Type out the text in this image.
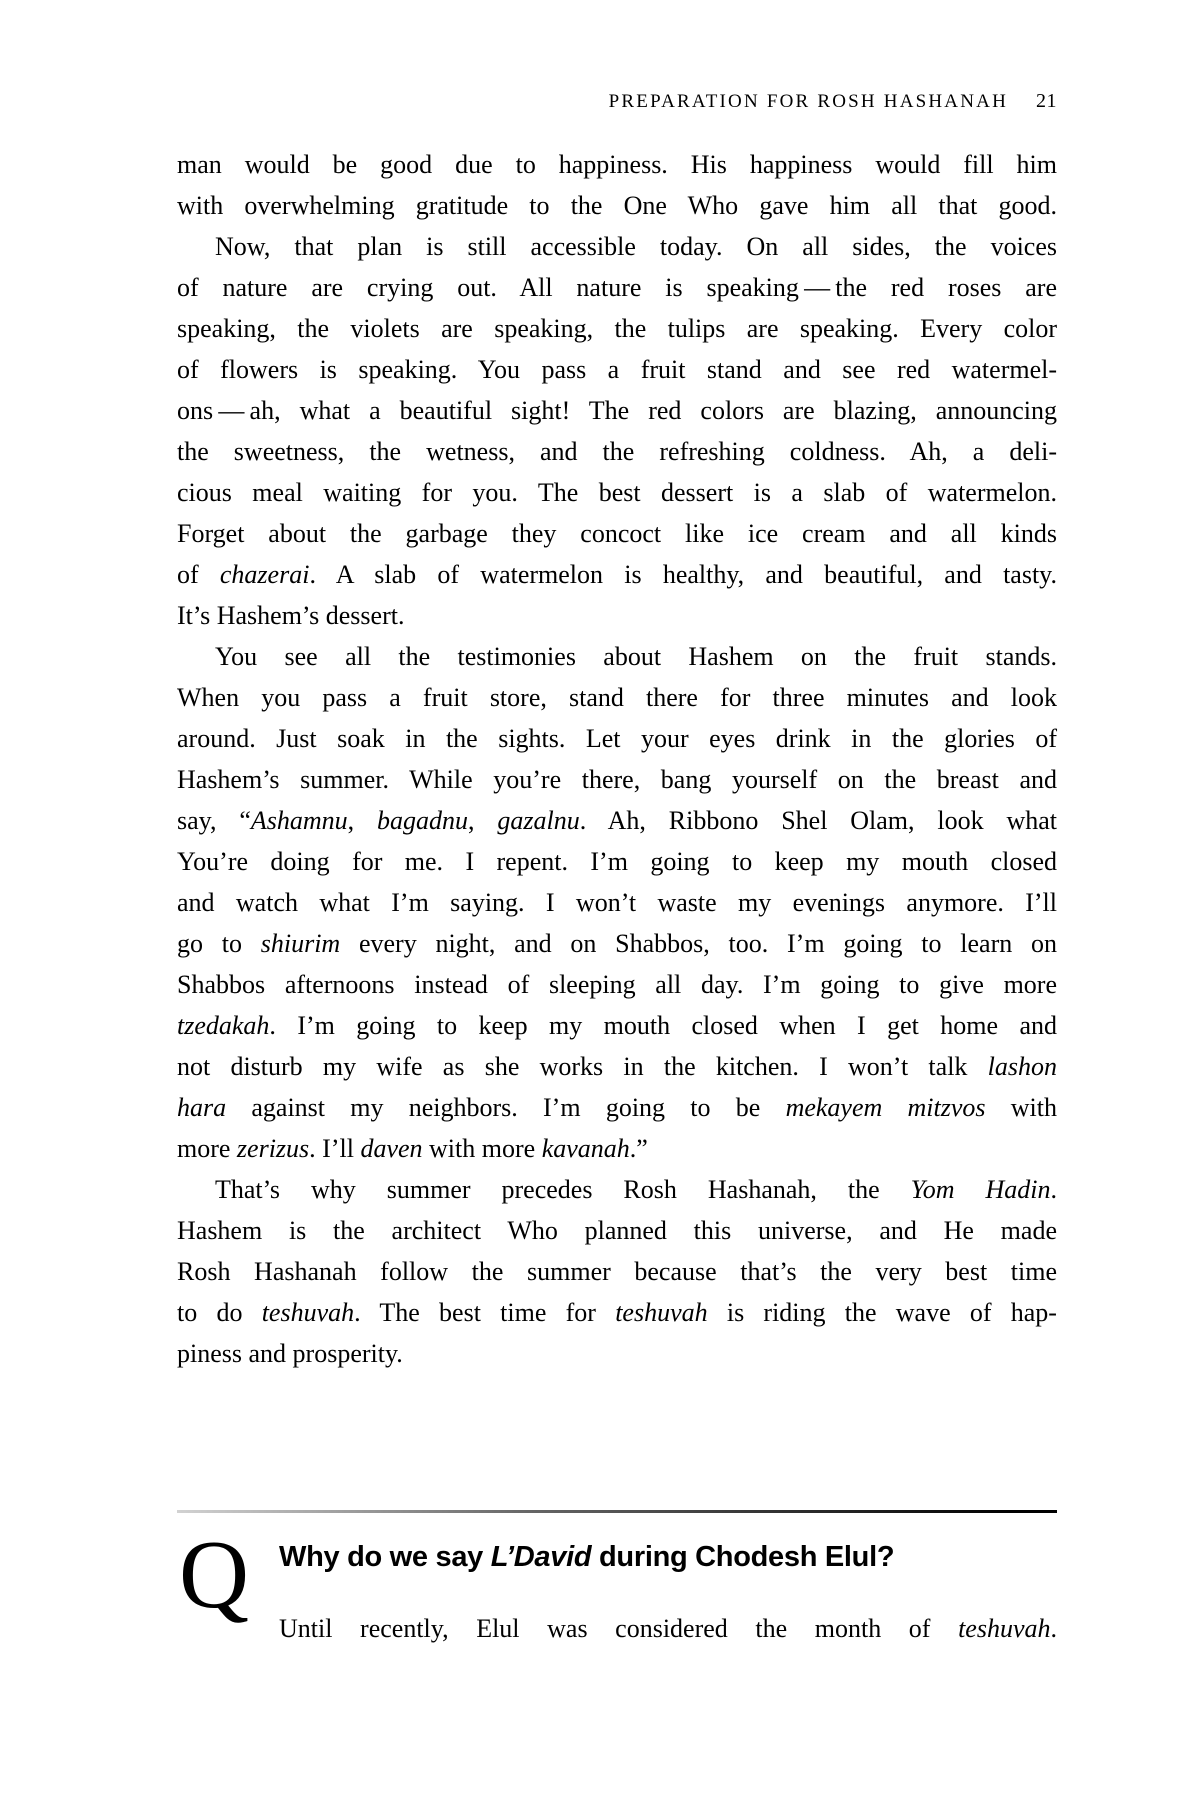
PREPARATION FOR ROSH HASHANAH 21

man would be good due to happiness. His happiness would fill him
with overwhelming gratitude to the One Who gave him all that good.

Now, that plan is still accessible today. On all sides, the voices
of nature are crying out. All nature is speaking — the red roses are
speaking, the violets are speaking, the tulips are speaking. Every color
of flowers is speaking. You pass a fruit stand and see red watermel-
ons — ah, what a beautiful sight! The red colors are blazing, announcing
the sweetness, the wetness, and the refreshing coldness. Ah, a deli-
cious meal waiting for you. The best dessert is a slab of watermelon.
Forget about the garbage they concoct like ice cream and all kinds
of chazerai. A slab of watermelon is healthy, and beautiful, and tasty.
It’s Hashem’s dessert.

You see all the testimonies about Hashem on the fruit stands.
When you pass a fruit store, stand there for three minutes and look
around. Just soak in the sights. Let your eyes drink in the glories of
Hashem’s summer. While you’re there, bang yourself on the breast and
say, “Ashamnu, bagadnu, gazalnu. Ah, Ribbono Shel Olam, look what
You’re doing for me. I repent. I’m going to keep my mouth closed
and watch what I’m saying. I won’t waste my evenings anymore. I’ll
go to shiurim every night, and on Shabbos, too. I’m going to learn on
Shabbos afternoons instead of sleeping all day. I’m going to give more
tzedakah. I’m going to keep my mouth closed when I get home and
not disturb my wife as she works in the kitchen. I won’t talk lashon
hara against my neighbors. I’m going to be mekayem mitzvos with
more zerizus. I’ll daven with more kavanah.”

That’s why summer precedes Rosh Hashanah, the Yom Hadin.
Hashem is the architect Who planned this universe, and He made
Rosh Hashanah follow the summer because that’s the very best time
to do teshuvah. The best time for teshuvah is riding the wave of hap-
piness and prosperity.

Q	Why do we say L’David during Chodesh Elul?

Until recently, Elul was considered the month of teshuvah.
